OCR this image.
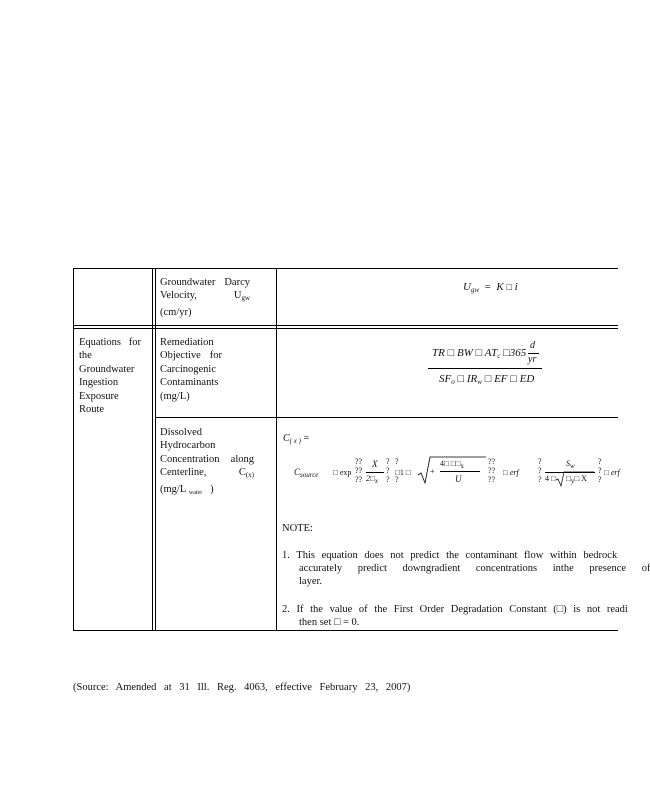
Groundwater Darcy
Velocity,	$U_{gw}$
(cm/yr)
$U_{gw} = K$ □ i
Equations for
the
Groundwater
Ingestion
Exposure
Route
Remediation
Objective for
Carcinogenic
Contaminants
(mg/L)
TR □ BW □ $AT_c$ □365
d
yr
$SF_o$ □ $IR_w$ □ EF □ ED
Dissolved
Hydrocarbon
Concentration along
Centerline,	$C_{(x)}$
(mg/L $_{water}$ )
$C_{( x )}$ =
$C_{source}$ □ exp
??
??
??
X
2□x
?
?
?
□1 □
?

?
4□ □□x
+
U
??
??
??
□ erf
?
?
?
Sw
4 □ □y□ X
?
?
?
□ erf
NOTE:
1. This equation does not predict the contaminant flow within bedrock
accurately predict downgradient concentrations inthe presence of
layer.
2. If the value of the First Order Degradation Constant (□) is not readi
then set □ = 0.
(Source: Amended at 31 Ill. Reg. 4063, effective February 23, 2007)
